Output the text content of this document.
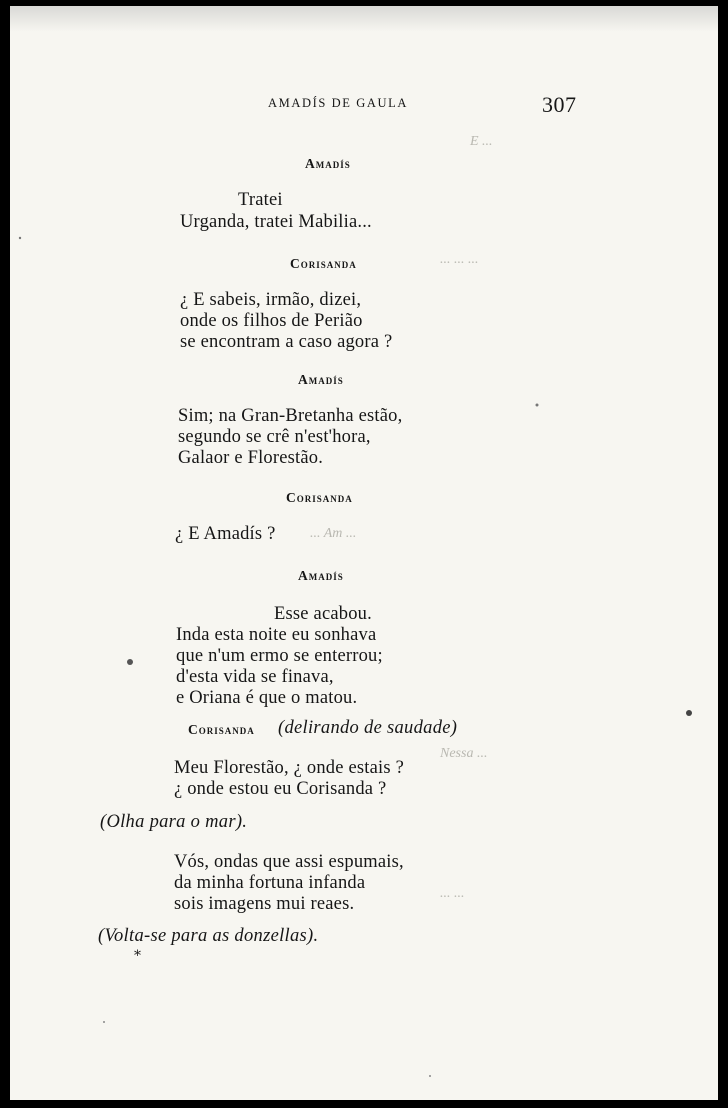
E ...
... ... ...
... Am ...
Nessa ...
... ...
AMADÍS DE GAULA	307
Amadís
Tratei
Urganda, tratei Mabilia...
Corisanda
¿ E sabeis, irmão, dizei,
onde os filhos de Perião
se encontram a caso agora ?
Amadís
Sim; na Gran-Bretanha estão,
segundo se crê n'est'hora,
Galaor e Florestão.
Corisanda
¿ E Amadís ?
Amadís
Esse acabou.
Inda esta noite eu sonhava
que n'um ermo se enterrou;
d'esta vida se finava,
e Oriana é que o matou.
Corisanda (delirando de saudade)
Meu Florestão, ¿ onde estais ?
¿ onde estou eu Corisanda ?
(Olha para o mar).
Vós, ondas que assi espumais,
da minha fortuna infanda
sois imagens mui reaes.
(Volta-se para as donzellas).
*
